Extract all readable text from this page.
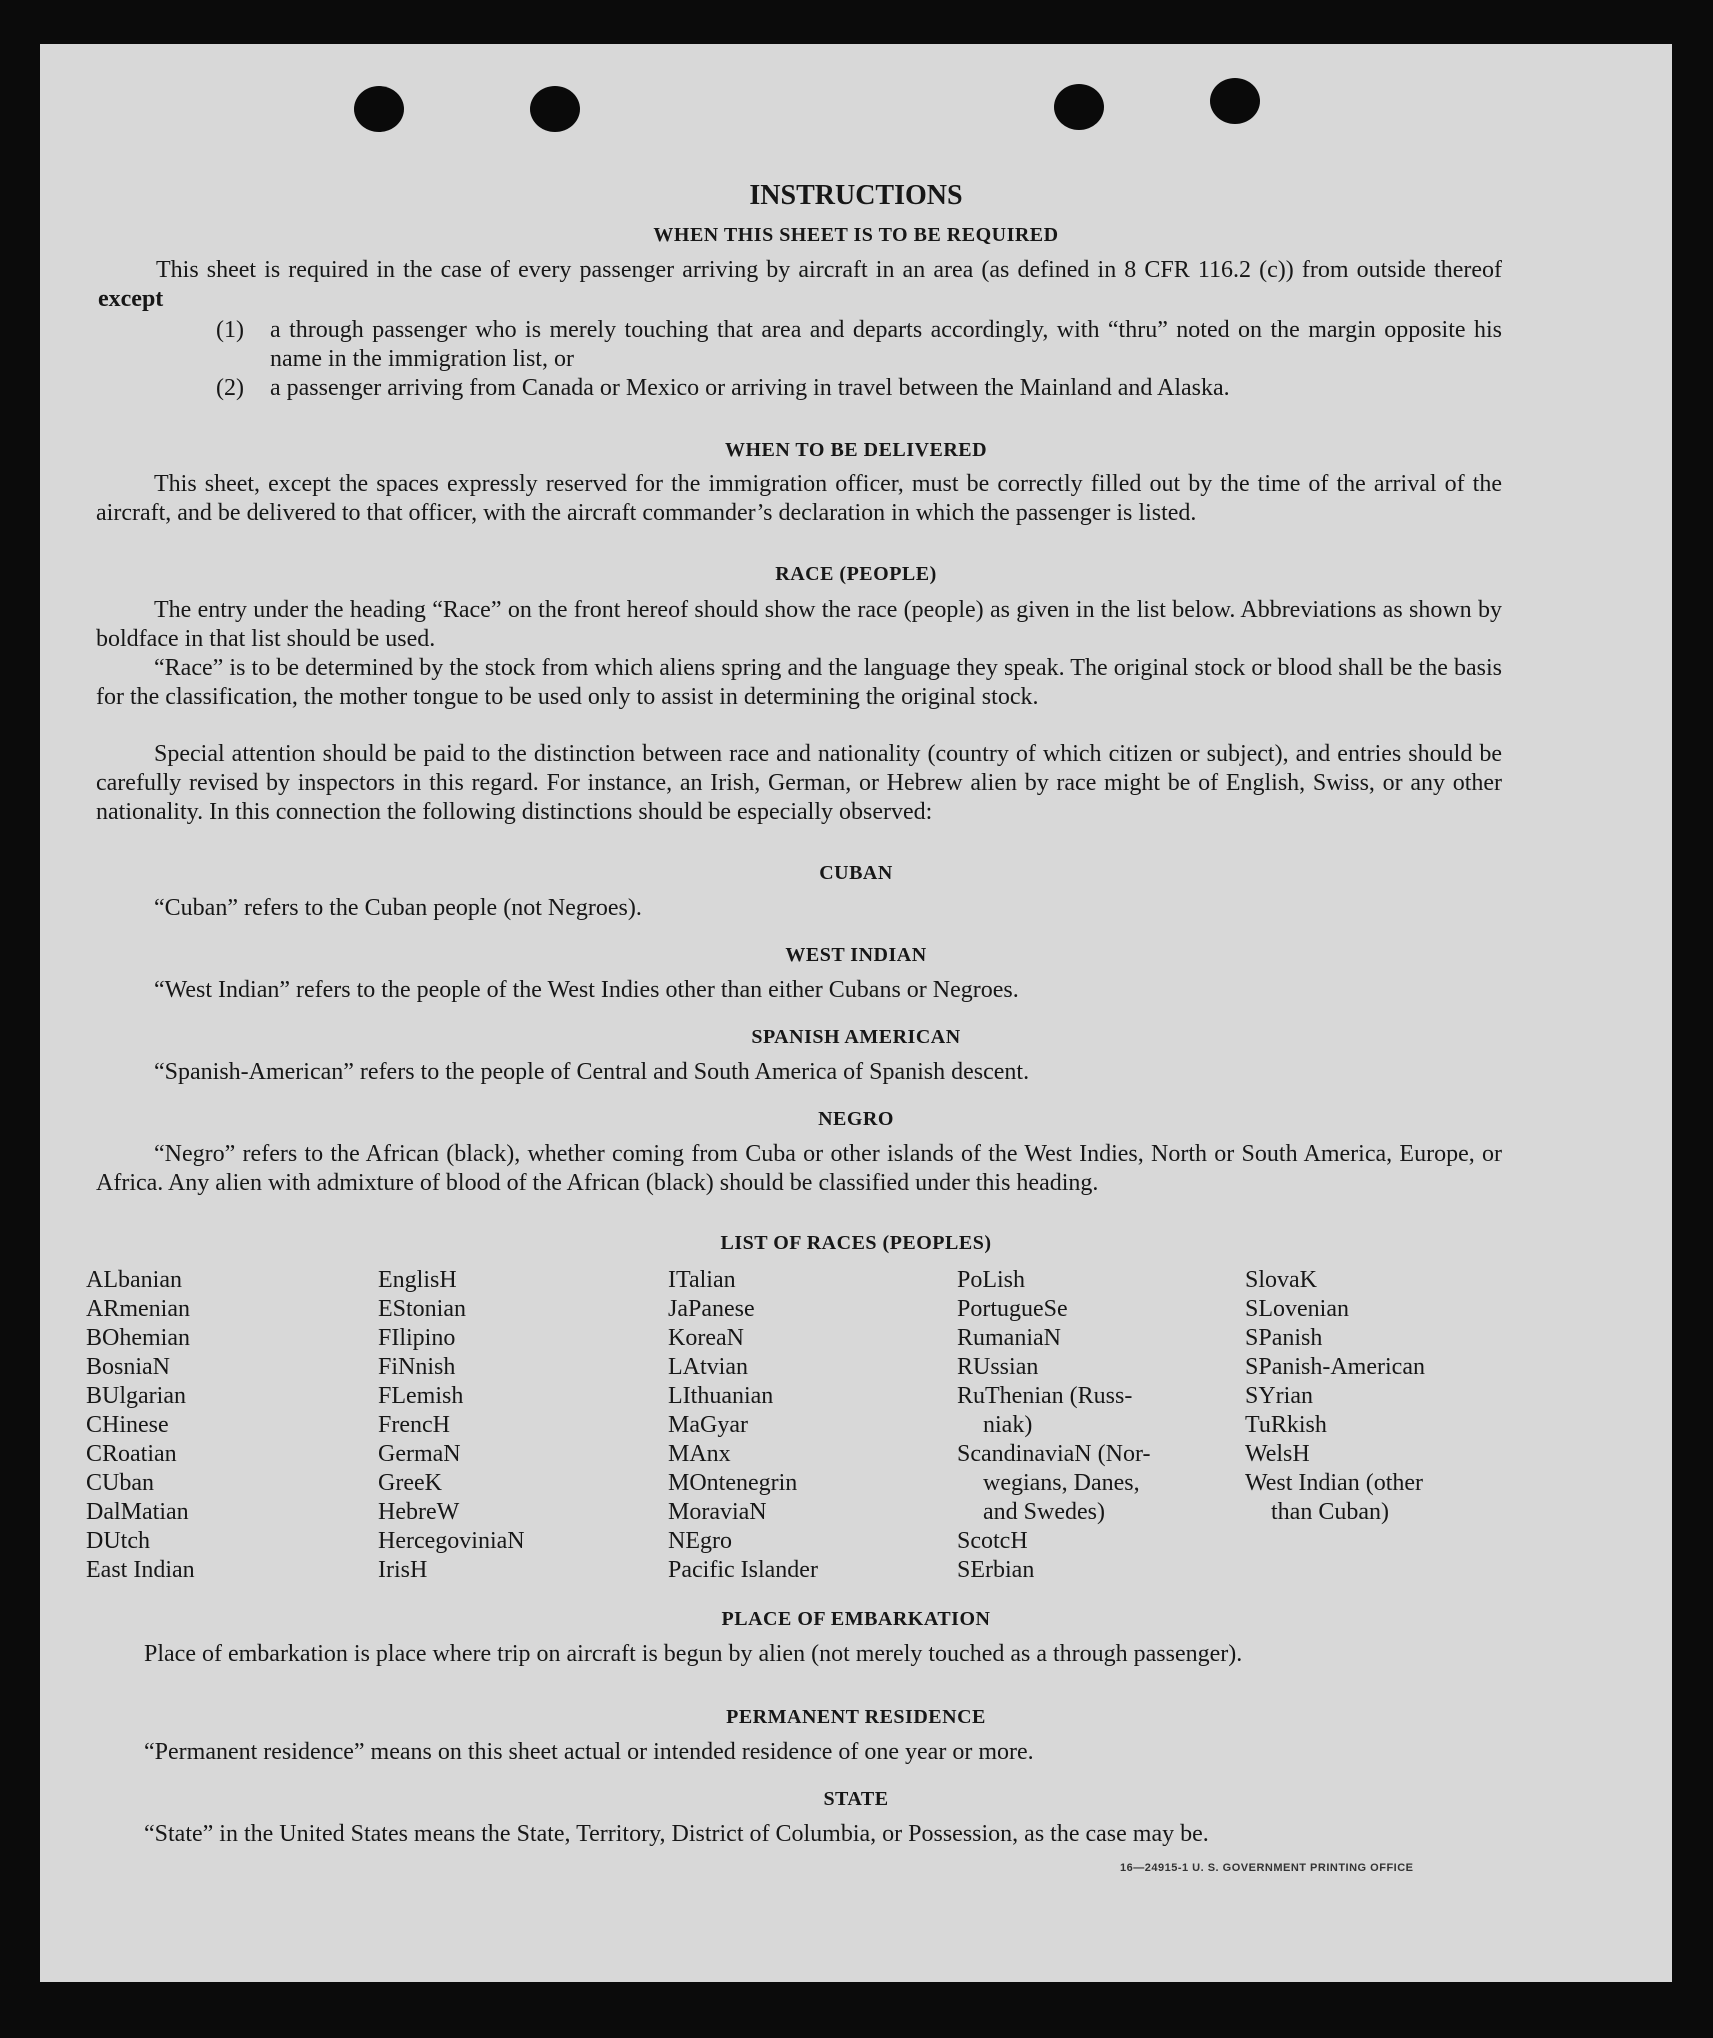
INSTRUCTIONS
WHEN THIS SHEET IS TO BE REQUIRED

This sheet is required in the case of every passenger arriving by aircraft in an area (as defined in 8 CFR 116.2 (c)) from outside thereof except

(1) a through passenger who is merely touching that area and departs accordingly, with “thru” noted on the margin opposite his name in the immigration list, or
(2) a passenger arriving from Canada or Mexico or arriving in travel between the Mainland and Alaska.
WHEN TO BE DELIVERED

This sheet, except the spaces expressly reserved for the immigration officer, must be correctly filled out by the time of the arrival of the aircraft, and be delivered to that officer, with the aircraft commander’s declaration in which the passenger is listed.

RACE (PEOPLE)

The entry under the heading “Race” on the front hereof should show the race (people) as given in the list below. Abbreviations as shown by boldface in that list should be used.

“Race” is to be determined by the stock from which aliens spring and the language they speak. The original stock or blood shall be the basis for the classification, the mother tongue to be used only to assist in determining the original stock.

Special attention should be paid to the distinction between race and nationality (country of which citizen or subject), and entries should be carefully revised by inspectors in this regard. For instance, an Irish, German, or Hebrew alien by race might be of English, Swiss, or any other nationality. In this connection the following distinctions should be especially observed:

CUBAN

“Cuban” refers to the Cuban people (not Negroes).

WEST INDIAN

“West Indian” refers to the people of the West Indies other than either Cubans or Negroes.

SPANISH AMERICAN

“Spanish-American” refers to the people of Central and South America of Spanish descent.

NEGRO

“Negro” refers to the African (black), whether coming from Cuba or other islands of the West Indies, North or South America, Europe, or Africa. Any alien with admixture of blood of the African (black) should be classified under this heading.

LIST OF RACES (PEOPLES)
ALbanian
ARmenian
BOhemian
BosniaN
BUlgarian
CHinese
CRoatian
CUban
DalMatian
DUtch
East Indian
EnglisH
EStonian
FIlipino
FiNnish
FLemish
FrencH
GermaN
GreeK
HebreW
HercegoviniaN
IrisH
ITalian
JaPanese
KoreaN
LAtvian
LIthuanian
MaGyar
MAnx
MOntenegrin
MoraviaN
NEgro
Pacific Islander
PoLish
PortugueSe
RumaniaN
RUssian
RuThenian (Russ-
niak)
ScandinaviaN (Nor-
wegians, Danes,
and Swedes)
ScotcH
SErbian
SlovaK
SLovenian
SPanish
SPanish-American
SYrian
TuRkish
WelsH
West Indian (other
than Cuban)
PLACE OF EMBARKATION

Place of embarkation is place where trip on aircraft is begun by alien (not merely touched as a through passenger).

PERMANENT RESIDENCE

“Permanent residence” means on this sheet actual or intended residence of one year or more.

STATE

“State” in the United States means the State, Territory, District of Columbia, or Possession, as the case may be.

16—24915-1 U. S. GOVERNMENT PRINTING OFFICE
